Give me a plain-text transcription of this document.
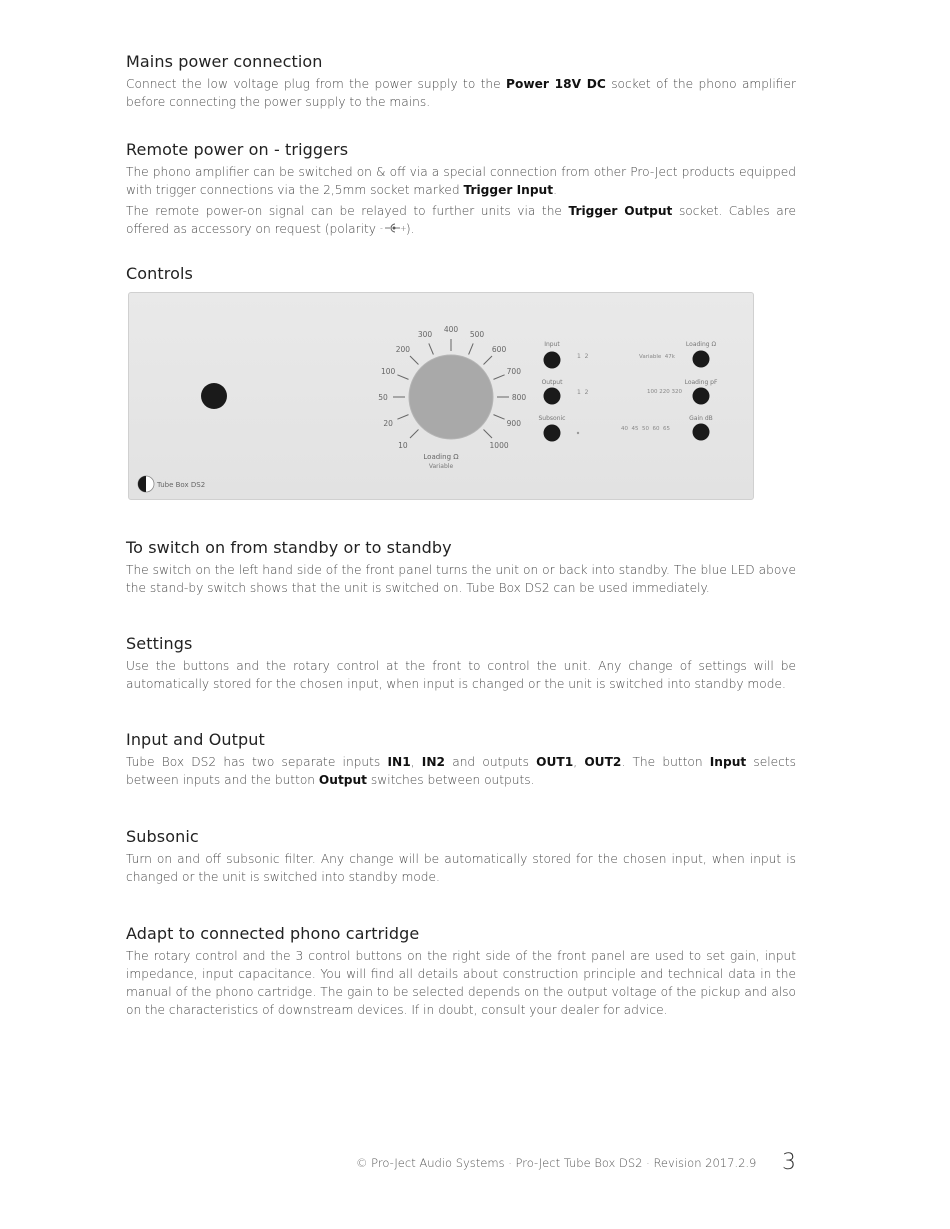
Mains power connection

Connect the low voltage plug from the power supply to the Power 18V DC socket of the phono amplifier before connecting the power supply to the mains.

Remote power on - triggers

The phono amplifier can be switched on & off via a special connection from other Pro-Ject products equipped with trigger connections via the 2,5mm socket marked Trigger Input.

The remote power-on signal can be relayed to further units via the Trigger Output socket. Cables are offered as accessory on request (polarity - + ).

Controls
To switch on from standby or to standby

The switch on the left hand side of the front panel turns the unit on or back into standby. The blue LED above the stand-by switch shows that the unit is switched on. Tube Box DS2 can be used immediately.

Settings

Use the buttons and the rotary control at the front to control the unit. Any change of settings will be automatically stored for the chosen input, when input is changed or the unit is switched into standby mode.

Input and Output

Tube Box DS2 has two separate inputs IN1, IN2 and outputs OUT1, OUT2. The button Input selects between inputs and the button Output switches between outputs.

Subsonic

Turn on and off subsonic filter. Any change will be automatically stored for the chosen input, when input is changed or the unit is switched into standby mode.

Adapt to connected phono cartridge

The rotary control and the 3 control buttons on the right side of the front panel are used to set gain, input impedance, input capacitance. You will find all details about construction principle and technical data in the manual of the phono cartridge. The gain to be selected depends on the output voltage of the pickup and also on the characteristics of downstream devices. If in doubt, consult your dealer for advice.

10
20
50
100
200
300
400
500
600
700
800
900
1000
Loading Ω
Variable
Input
1  2
Output
1  2
Subsonic
Loading Ω
Variable  47k
Loading pF
100 220 320
Gain dB
40  45  50  60  65
Tube Box DS2
© Pro-Ject Audio Systems · Pro-Ject Tube Box DS2 · Revision 2017.2.9 3
